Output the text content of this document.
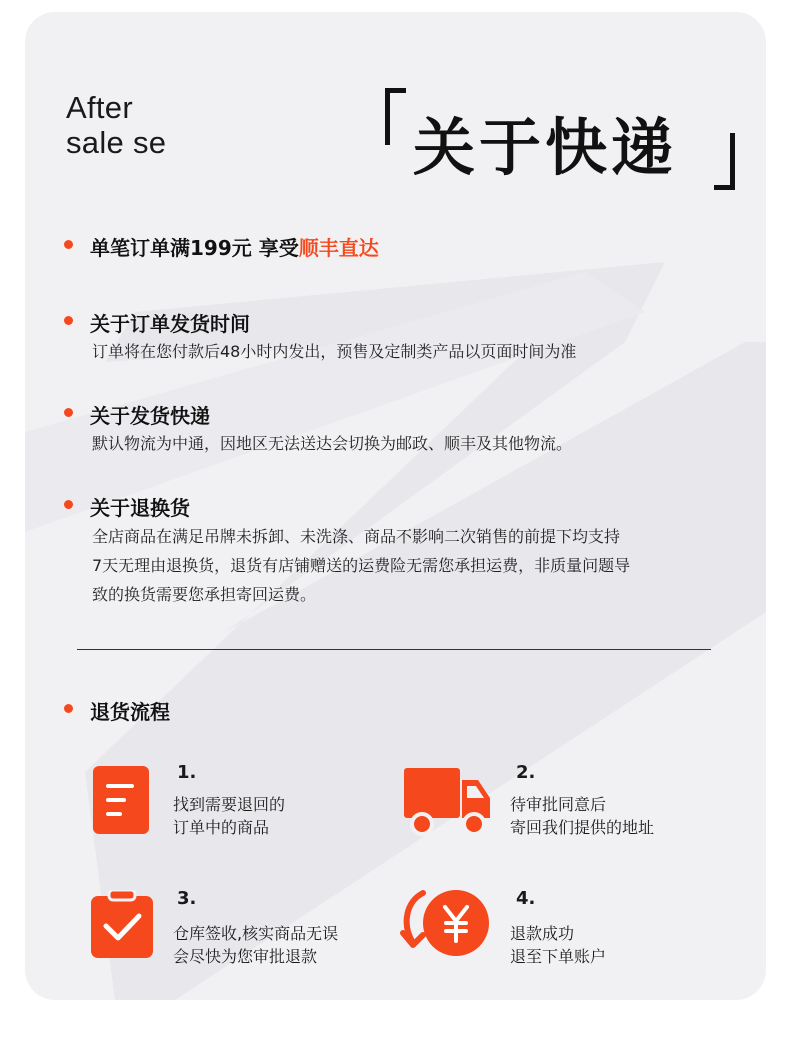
After
sale se	关于快递
单笔订单满199元 享受顺丰直达
关于订单发货时间
订单将在您付款后48小时内发出，预售及定制类产品以页面时间为准
关于发货快递
默认物流为中通，因地区无法送达会切换为邮政、顺丰及其他物流。
关于退换货
全店商品在满足吊牌未拆卸、未洗涤、商品不影响二次销售的前提下均支持
7天无理由退换货，退货有店铺赠送的运费险无需您承担运费，非质量问题导
致的换货需要您承担寄回运费。
退货流程
1.
找到需要退回的
订单中的商品
2.
待审批同意后
寄回我们提供的地址
3.
仓库签收,核实商品无误
会尽快为您审批退款
4.
退款成功
退至下单账户
